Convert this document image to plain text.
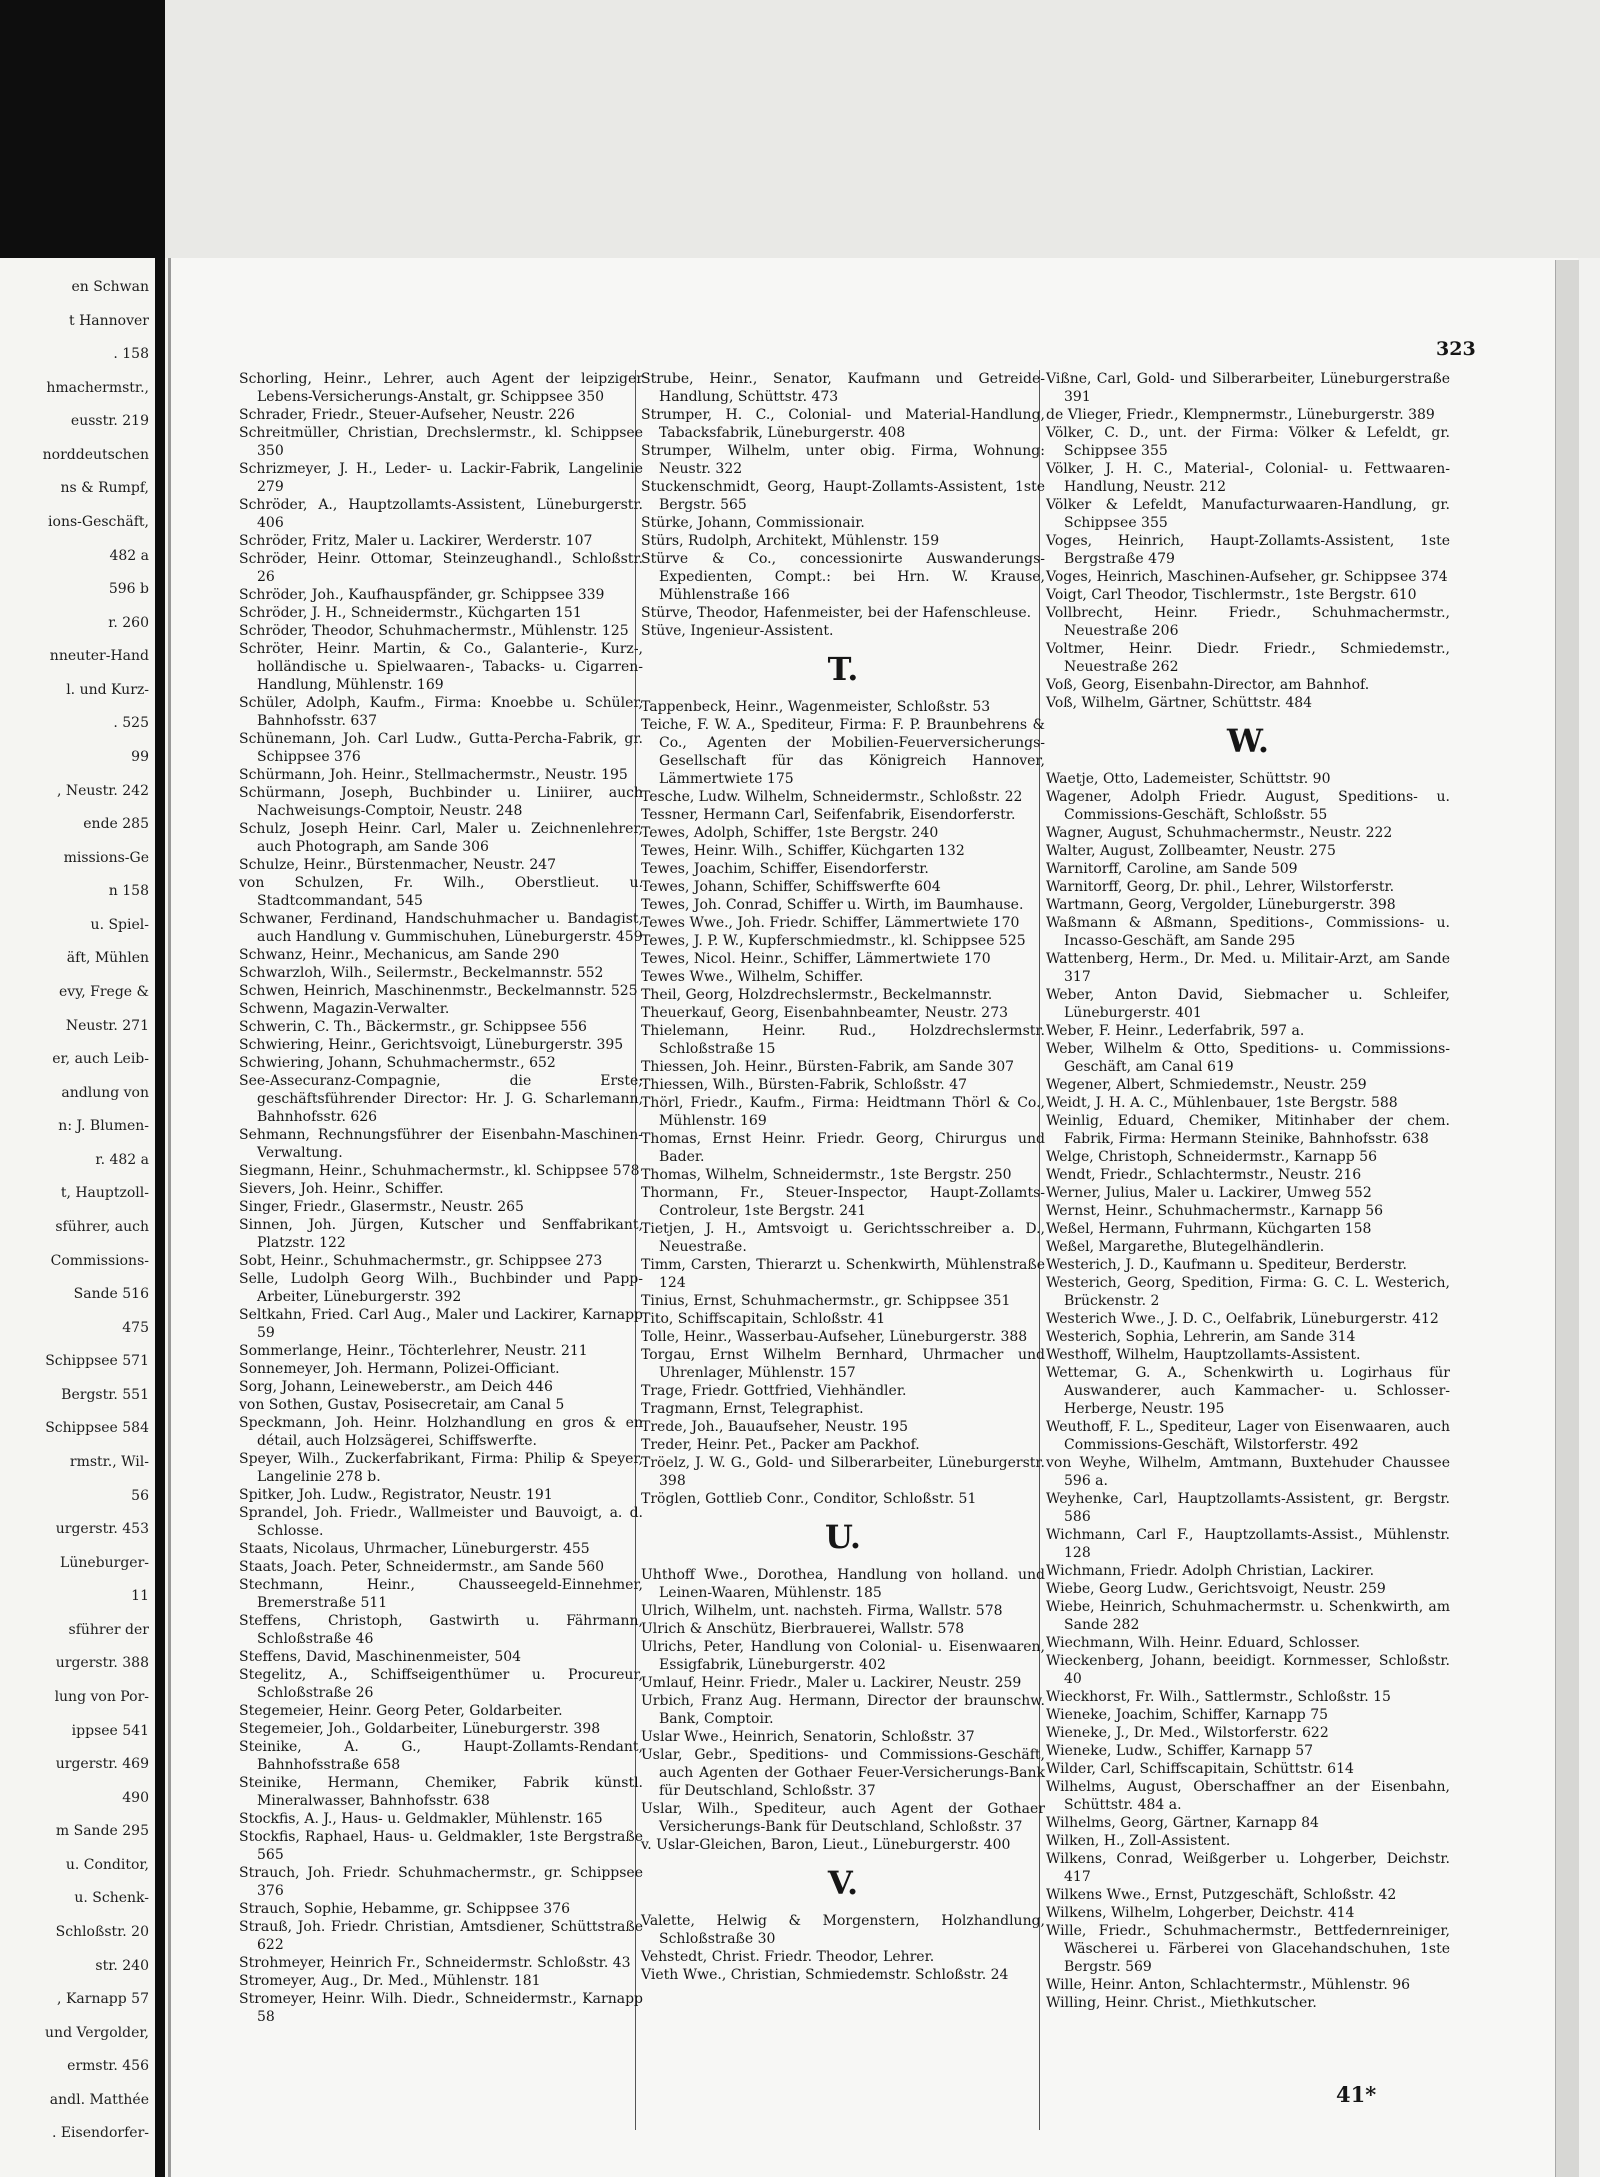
en Schwan
t Hannover
. 158
hmachermstr.,
eusstr. 219
norddeutschen
ns & Rumpf,
ions-Geschäft,
482 a
596 b
r. 260
nneuter-Hand
l. und Kurz-
. 525
99
, Neustr. 242
ende 285
missions-Ge
n 158
u. Spiel-
äft, Mühlen
evy, Frege &
Neustr. 271
er, auch Leib-
andlung von
n: J. Blumen-
r. 482 a
t, Hauptzoll-
sführer, auch
Commissions-
Sande 516
475
Schippsee 571
Bergstr. 551
Schippsee 584
rmstr., Wil-
56
urgerstr. 453
Lüneburger-
11
sführer der
urgerstr. 388
lung von Por-
ippsee 541
urgerstr. 469
490
m Sande 295
u. Conditor,
u. Schenk-
Schloßstr. 20
str. 240
, Karnapp 57
und Vergolder,
ermstr. 456
andl. Matthée
. Eisendorfer-
323
Schorling, Heinr., Lehrer, auch Agent der leipziger Lebens-Versicherungs-Anstalt, gr. Schippsee 350
Schrader, Friedr., Steuer-Aufseher, Neustr. 226
Schreitmüller, Christian, Drechslermstr., kl. Schippsee 350
Schrizmeyer, J. H., Leder- u. Lackir-Fabrik, Langelinie 279
Schröder, A., Hauptzollamts-Assistent, Lüneburgerstr. 406
Schröder, Fritz, Maler u. Lackirer, Werderstr. 107
Schröder, Heinr. Ottomar, Steinzeughandl., Schloßstr. 26
Schröder, Joh., Kaufhauspfänder, gr. Schippsee 339
Schröder, J. H., Schneidermstr., Küchgarten 151
Schröder, Theodor, Schuhmachermstr., Mühlenstr. 125
Schröter, Heinr. Martin, & Co., Galanterie-, Kurz-, holländische u. Spielwaaren-, Tabacks- u. Cigarren-Handlung, Mühlenstr. 169
Schüler, Adolph, Kaufm., Firma: Knoebbe u. Schüler, Bahnhofsstr. 637
Schünemann, Joh. Carl Ludw., Gutta-Percha-Fabrik, gr. Schippsee 376
Schürmann, Joh. Heinr., Stellmachermstr., Neustr. 195
Schürmann, Joseph, Buchbinder u. Liniirer, auch Nachweisungs-Comptoir, Neustr. 248
Schulz, Joseph Heinr. Carl, Maler u. Zeichnenlehrer, auch Photograph, am Sande 306
Schulze, Heinr., Bürstenmacher, Neustr. 247
von Schulzen, Fr. Wilh., Oberstlieut. u. Stadtcommandant, 545
Schwaner, Ferdinand, Handschuhmacher u. Bandagist, auch Handlung v. Gummischuhen, Lüneburgerstr. 459
Schwanz, Heinr., Mechanicus, am Sande 290
Schwarzloh, Wilh., Seilermstr., Beckelmannstr. 552
Schwen, Heinrich, Maschinenmstr., Beckelmannstr. 525
Schwenn, Magazin-Verwalter.
Schwerin, C. Th., Bäckermstr., gr. Schippsee 556
Schwiering, Heinr., Gerichtsvoigt, Lüneburgerstr. 395
Schwiering, Johann, Schuhmachermstr., 652
See-Assecuranz-Compagnie, die Erste; geschäftsführender Director: Hr. J. G. Scharlemann, Bahnhofsstr. 626
Sehmann, Rechnungsführer der Eisenbahn-Maschinen-Verwaltung.
Siegmann, Heinr., Schuhmachermstr., kl. Schippsee 578
Sievers, Joh. Heinr., Schiffer.
Singer, Friedr., Glasermstr., Neustr. 265
Sinnen, Joh. Jürgen, Kutscher und Senffabrikant, Platzstr. 122
Sobt, Heinr., Schuhmachermstr., gr. Schippsee 273
Selle, Ludolph Georg Wilh., Buchbinder und Papp-Arbeiter, Lüneburgerstr. 392
Seltkahn, Fried. Carl Aug., Maler und Lackirer, Karnapp 59
Sommerlange, Heinr., Töchterlehrer, Neustr. 211
Sonnemeyer, Joh. Hermann, Polizei-Officiant.
Sorg, Johann, Leineweberstr., am Deich 446
von Sothen, Gustav, Posisecretair, am Canal 5
Speckmann, Joh. Heinr. Holzhandlung en gros & en détail, auch Holzsägerei, Schiffswerfte.
Speyer, Wilh., Zuckerfabrikant, Firma: Philip & Speyer, Langelinie 278 b.
Spitker, Joh. Ludw., Registrator, Neustr. 191
Sprandel, Joh. Friedr., Wallmeister und Bauvoigt, a. d. Schlosse.
Staats, Nicolaus, Uhrmacher, Lüneburgerstr. 455
Staats, Joach. Peter, Schneidermstr., am Sande 560
Stechmann, Heinr., Chausseegeld-Einnehmer, Bremerstraße 511
Steffens, Christoph, Gastwirth u. Fährmann, Schloßstraße 46
Steffens, David, Maschinenmeister, 504
Stegelitz, A., Schiffseigenthümer u. Procureur, Schloßstraße 26
Stegemeier, Heinr. Georg Peter, Goldarbeiter.
Stegemeier, Joh., Goldarbeiter, Lüneburgerstr. 398
Steinike, A. G., Haupt-Zollamts-Rendant, Bahnhofsstraße 658
Steinike, Hermann, Chemiker, Fabrik künstl. Mineralwasser, Bahnhofsstr. 638
Stockfis, A. J., Haus- u. Geldmakler, Mühlenstr. 165
Stockfis, Raphael, Haus- u. Geldmakler, 1ste Bergstraße 565
Strauch, Joh. Friedr. Schuhmachermstr., gr. Schippsee 376
Strauch, Sophie, Hebamme, gr. Schippsee 376
Strauß, Joh. Friedr. Christian, Amtsdiener, Schüttstraße 622
Strohmeyer, Heinrich Fr., Schneidermstr. Schloßstr. 43
Stromeyer, Aug., Dr. Med., Mühlenstr. 181
Stromeyer, Heinr. Wilh. Diedr., Schneidermstr., Karnapp 58
Strube, Heinr., Senator, Kaufmann und Getreide-Handlung, Schüttstr. 473
Strumper, H. C., Colonial- und Material-Handlung, Tabacksfabrik, Lüneburgerstr. 408
Strumper, Wilhelm, unter obig. Firma, Wohnung: Neustr. 322
Stuckenschmidt, Georg, Haupt-Zollamts-Assistent, 1ste Bergstr. 565
Stürke, Johann, Commissionair.
Stürs, Rudolph, Architekt, Mühlenstr. 159
Stürve & Co., concessionirte Auswanderungs-Expedienten, Compt.: bei Hrn. W. Krause, Mühlenstraße 166
Stürve, Theodor, Hafenmeister, bei der Hafenschleuse.
Stüve, Ingenieur-Assistent.
T.
Tappenbeck, Heinr., Wagenmeister, Schloßstr. 53
Teiche, F. W. A., Spediteur, Firma: F. P. Braunbehrens & Co., Agenten der Mobilien-Feuerversicherungs-Gesellschaft für das Königreich Hannover, Lämmertwiete 175
Tesche, Ludw. Wilhelm, Schneidermstr., Schloßstr. 22
Tessner, Hermann Carl, Seifenfabrik, Eisendorferstr.
Tewes, Adolph, Schiffer, 1ste Bergstr. 240
Tewes, Heinr. Wilh., Schiffer, Küchgarten 132
Tewes, Joachim, Schiffer, Eisendorferstr.
Tewes, Johann, Schiffer, Schiffswerfte 604
Tewes, Joh. Conrad, Schiffer u. Wirth, im Baumhause.
Tewes Wwe., Joh. Friedr. Schiffer, Lämmertwiete 170
Tewes, J. P. W., Kupferschmiedmstr., kl. Schippsee 525
Tewes, Nicol. Heinr., Schiffer, Lämmertwiete 170
Tewes Wwe., Wilhelm, Schiffer.
Theil, Georg, Holzdrechslermstr., Beckelmannstr.
Theuerkauf, Georg, Eisenbahnbeamter, Neustr. 273
Thielemann, Heinr. Rud., Holzdrechslermstr. Schloßstraße 15
Thiessen, Joh. Heinr., Bürsten-Fabrik, am Sande 307
Thiessen, Wilh., Bürsten-Fabrik, Schloßstr. 47
Thörl, Friedr., Kaufm., Firma: Heidtmann Thörl & Co., Mühlenstr. 169
Thomas, Ernst Heinr. Friedr. Georg, Chirurgus und Bader.
Thomas, Wilhelm, Schneidermstr., 1ste Bergstr. 250
Thormann, Fr., Steuer-Inspector, Haupt-Zollamts-Controleur, 1ste Bergstr. 241
Tietjen, J. H., Amtsvoigt u. Gerichtsschreiber a. D., Neuestraße.
Timm, Carsten, Thierarzt u. Schenkwirth, Mühlenstraße 124
Tinius, Ernst, Schuhmachermstr., gr. Schippsee 351
Tito, Schiffscapitain, Schloßstr. 41
Tolle, Heinr., Wasserbau-Aufseher, Lüneburgerstr. 388
Torgau, Ernst Wilhelm Bernhard, Uhrmacher und Uhrenlager, Mühlenstr. 157
Trage, Friedr. Gottfried, Viehhändler.
Tragmann, Ernst, Telegraphist.
Trede, Joh., Bauaufseher, Neustr. 195
Treder, Heinr. Pet., Packer am Packhof.
Tröelz, J. W. G., Gold- und Silberarbeiter, Lüneburgerstr. 398
Tröglen, Gottlieb Conr., Conditor, Schloßstr. 51
U.
Uhthoff Wwe., Dorothea, Handlung von holland. und Leinen-Waaren, Mühlenstr. 185
Ulrich, Wilhelm, unt. nachsteh. Firma, Wallstr. 578
Ulrich & Anschütz, Bierbrauerei, Wallstr. 578
Ulrichs, Peter, Handlung von Colonial- u. Eisenwaaren, Essigfabrik, Lüneburgerstr. 402
Umlauf, Heinr. Friedr., Maler u. Lackirer, Neustr. 259
Urbich, Franz Aug. Hermann, Director der braunschw. Bank, Comptoir.
Uslar Wwe., Heinrich, Senatorin, Schloßstr. 37
Uslar, Gebr., Speditions- und Commissions-Geschäft, auch Agenten der Gothaer Feuer-Versicherungs-Bank für Deutschland, Schloßstr. 37
Uslar, Wilh., Spediteur, auch Agent der Gothaer Versicherungs-Bank für Deutschland, Schloßstr. 37
v. Uslar-Gleichen, Baron, Lieut., Lüneburgerstr. 400
V.
Valette, Helwig & Morgenstern, Holzhandlung, Schloßstraße 30
Vehstedt, Christ. Friedr. Theodor, Lehrer.
Vieth Wwe., Christian, Schmiedemstr. Schloßstr. 24
Vißne, Carl, Gold- und Silberarbeiter, Lüneburgerstraße 391
de Vlieger, Friedr., Klempnermstr., Lüneburgerstr. 389
Völker, C. D., unt. der Firma: Völker & Lefeldt, gr. Schippsee 355
Völker, J. H. C., Material-, Colonial- u. Fettwaaren-Handlung, Neustr. 212
Völker & Lefeldt, Manufacturwaaren-Handlung, gr. Schippsee 355
Voges, Heinrich, Haupt-Zollamts-Assistent, 1ste Bergstraße 479
Voges, Heinrich, Maschinen-Aufseher, gr. Schippsee 374
Voigt, Carl Theodor, Tischlermstr., 1ste Bergstr. 610
Vollbrecht, Heinr. Friedr., Schuhmachermstr., Neuestraße 206
Voltmer, Heinr. Diedr. Friedr., Schmiedemstr., Neuestraße 262
Voß, Georg, Eisenbahn-Director, am Bahnhof.
Voß, Wilhelm, Gärtner, Schüttstr. 484
W.
Waetje, Otto, Lademeister, Schüttstr. 90
Wagener, Adolph Friedr. August, Speditions- u. Commissions-Geschäft, Schloßstr. 55
Wagner, August, Schuhmachermstr., Neustr. 222
Walter, August, Zollbeamter, Neustr. 275
Warnitorff, Caroline, am Sande 509
Warnitorff, Georg, Dr. phil., Lehrer, Wilstorferstr.
Wartmann, Georg, Vergolder, Lüneburgerstr. 398
Waßmann & Aßmann, Speditions-, Commissions- u. Incasso-Geschäft, am Sande 295
Wattenberg, Herm., Dr. Med. u. Militair-Arzt, am Sande 317
Weber, Anton David, Siebmacher u. Schleifer, Lüneburgerstr. 401
Weber, F. Heinr., Lederfabrik, 597 a.
Weber, Wilhelm & Otto, Speditions- u. Commissions-Geschäft, am Canal 619
Wegener, Albert, Schmiedemstr., Neustr. 259
Weidt, J. H. A. C., Mühlenbauer, 1ste Bergstr. 588
Weinlig, Eduard, Chemiker, Mitinhaber der chem. Fabrik, Firma: Hermann Steinike, Bahnhofsstr. 638
Welge, Christoph, Schneidermstr., Karnapp 56
Wendt, Friedr., Schlachtermstr., Neustr. 216
Werner, Julius, Maler u. Lackirer, Umweg 552
Wernst, Heinr., Schuhmachermstr., Karnapp 56
Weßel, Hermann, Fuhrmann, Küchgarten 158
Weßel, Margarethe, Blutegelhändlerin.
Westerich, J. D., Kaufmann u. Spediteur, Berderstr.
Westerich, Georg, Spedition, Firma: G. C. L. Westerich, Brückenstr. 2
Westerich Wwe., J. D. C., Oelfabrik, Lüneburgerstr. 412
Westerich, Sophia, Lehrerin, am Sande 314
Westhoff, Wilhelm, Hauptzollamts-Assistent.
Wettemar, G. A., Schenkwirth u. Logirhaus für Auswanderer, auch Kammacher- u. Schlosser-Herberge, Neustr. 195
Weuthoff, F. L., Spediteur, Lager von Eisenwaaren, auch Commissions-Geschäft, Wilstorferstr. 492
von Weyhe, Wilhelm, Amtmann, Buxtehuder Chaussee 596 a.
Weyhenke, Carl, Hauptzollamts-Assistent, gr. Bergstr. 586
Wichmann, Carl F., Hauptzollamts-Assist., Mühlenstr. 128
Wichmann, Friedr. Adolph Christian, Lackirer.
Wiebe, Georg Ludw., Gerichtsvoigt, Neustr. 259
Wiebe, Heinrich, Schuhmachermstr. u. Schenkwirth, am Sande 282
Wiechmann, Wilh. Heinr. Eduard, Schlosser.
Wieckenberg, Johann, beeidigt. Kornmesser, Schloßstr. 40
Wieckhorst, Fr. Wilh., Sattlermstr., Schloßstr. 15
Wieneke, Joachim, Schiffer, Karnapp 75
Wieneke, J., Dr. Med., Wilstorferstr. 622
Wieneke, Ludw., Schiffer, Karnapp 57
Wilder, Carl, Schiffscapitain, Schüttstr. 614
Wilhelms, August, Oberschaffner an der Eisenbahn, Schüttstr. 484 a.
Wilhelms, Georg, Gärtner, Karnapp 84
Wilken, H., Zoll-Assistent.
Wilkens, Conrad, Weißgerber u. Lohgerber, Deichstr. 417
Wilkens Wwe., Ernst, Putzgeschäft, Schloßstr. 42
Wilkens, Wilhelm, Lohgerber, Deichstr. 414
Wille, Friedr., Schuhmachermstr., Bettfedernreiniger, Wäscherei u. Färberei von Glacehandschuhen, 1ste Bergstr. 569
Wille, Heinr. Anton, Schlachtermstr., Mühlenstr. 96
Willing, Heinr. Christ., Miethkutscher.
41*
